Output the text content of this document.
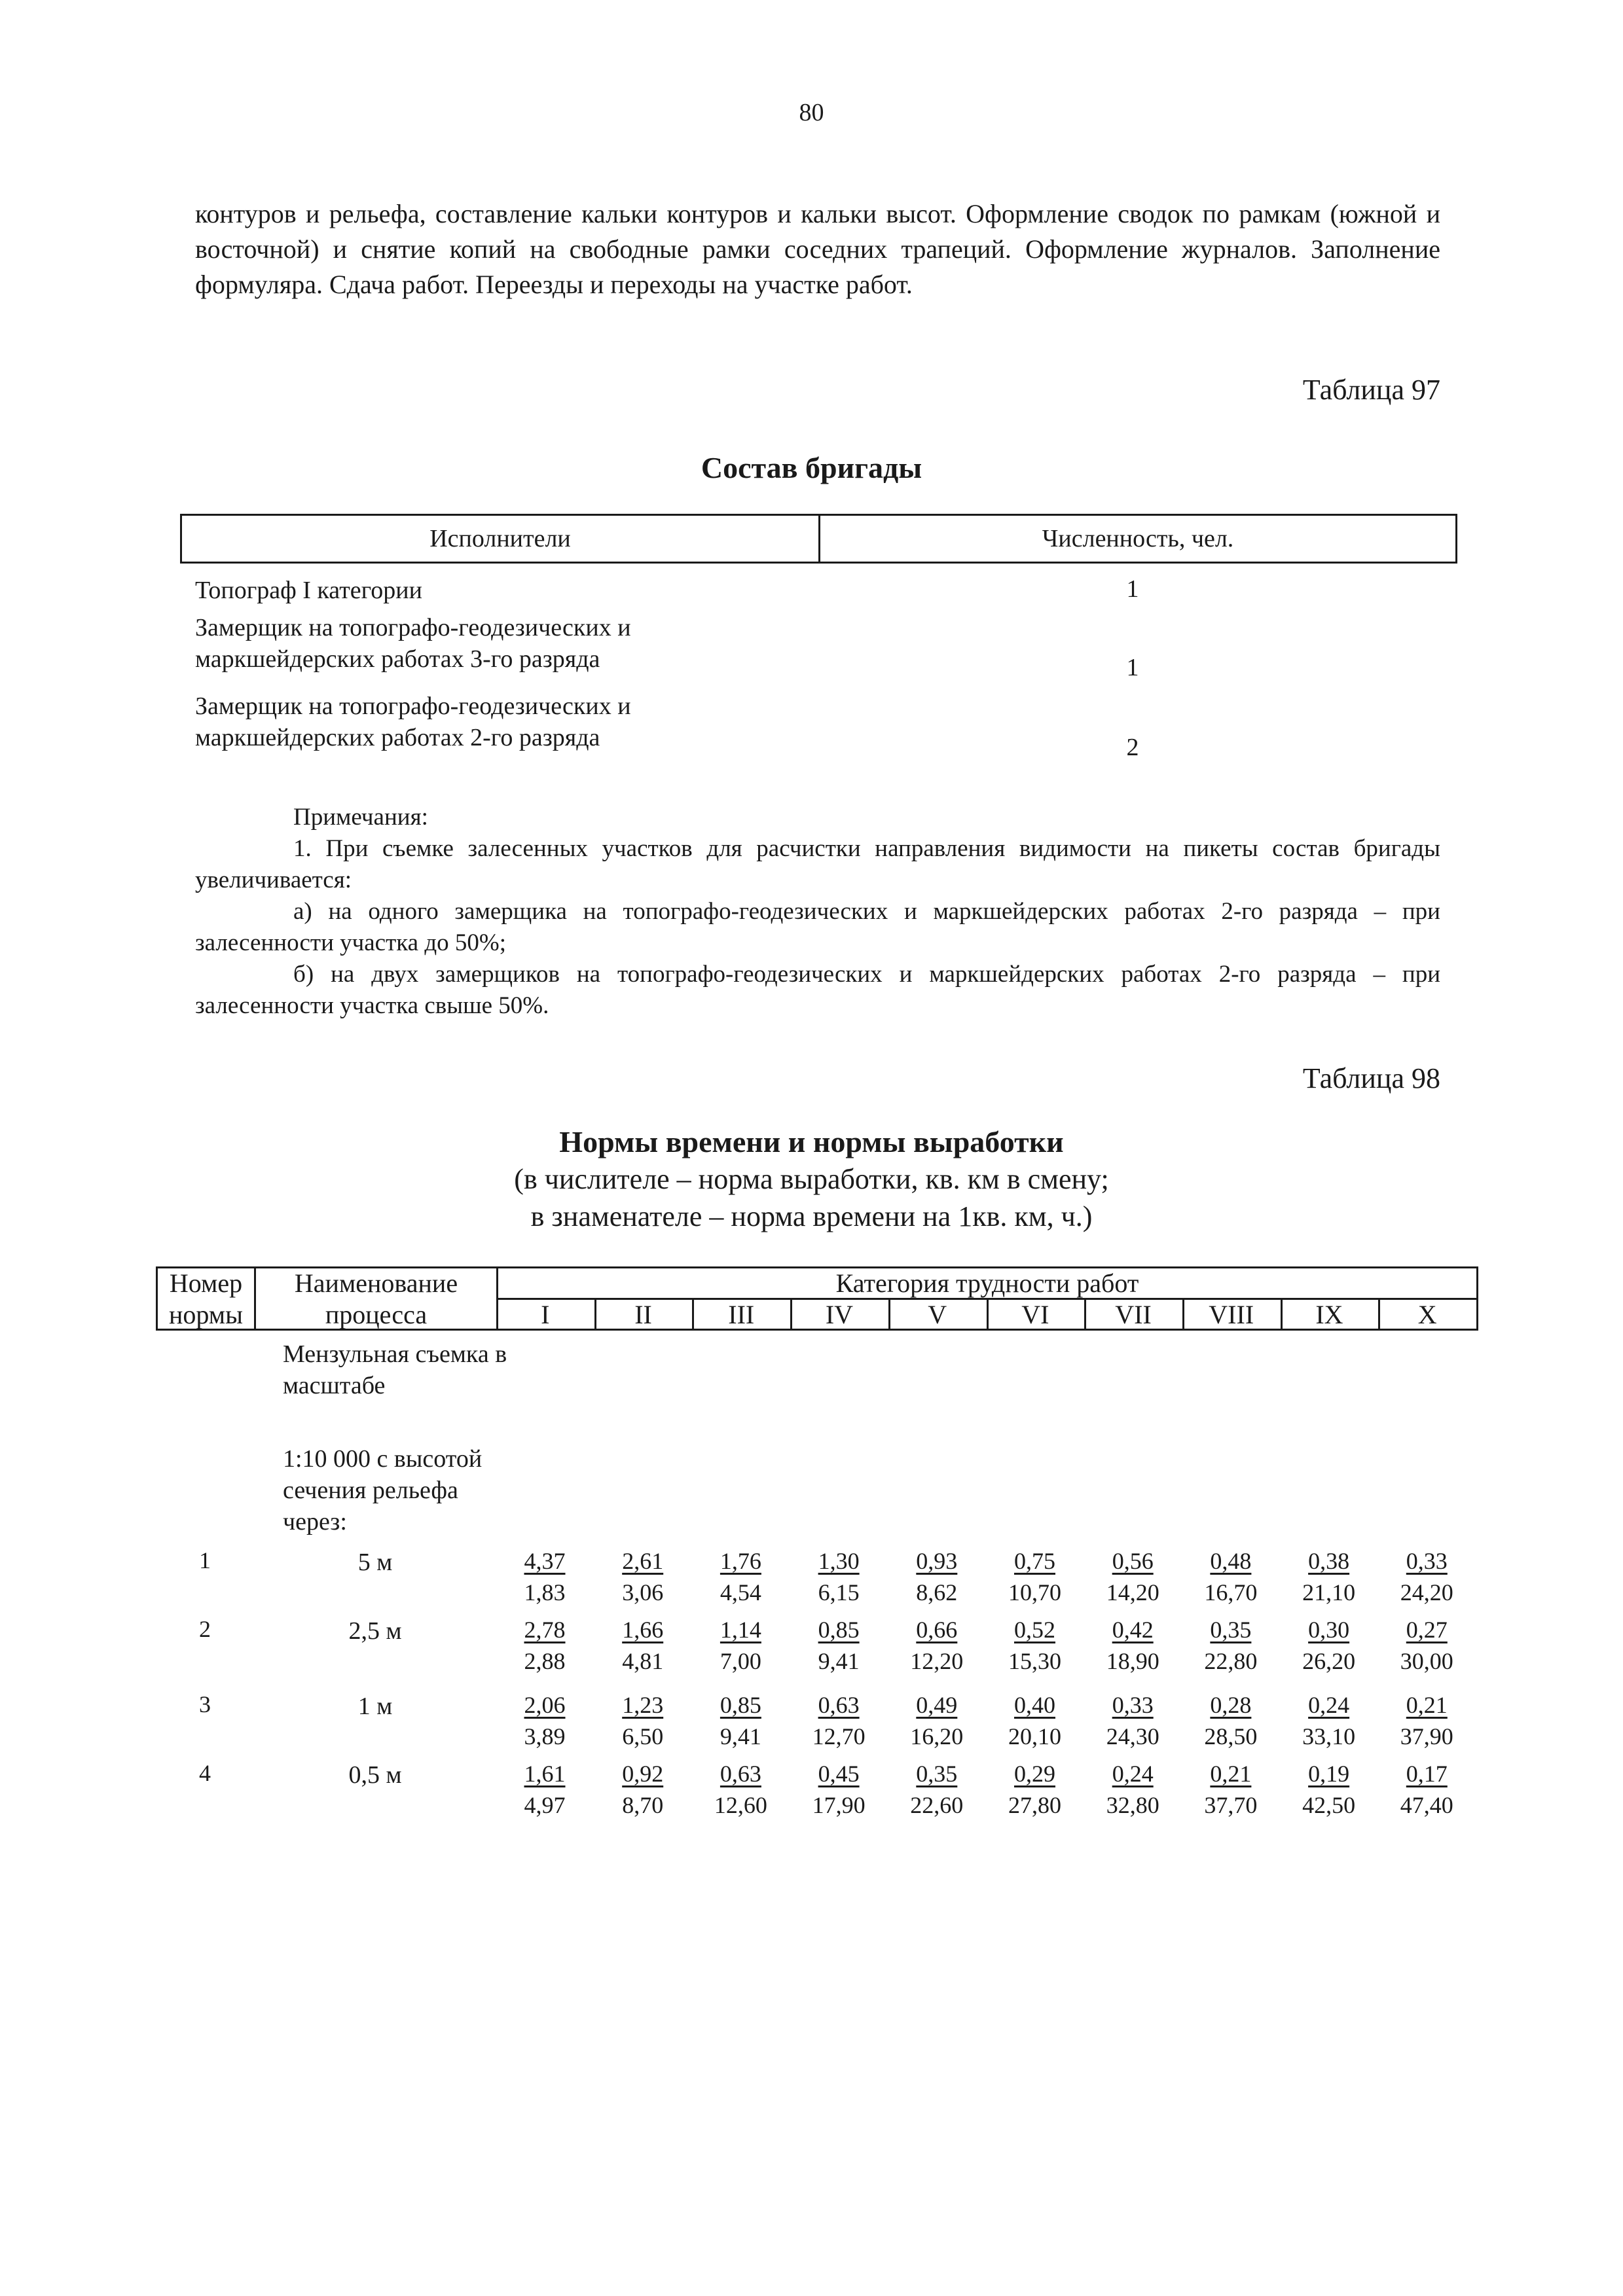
80
контуров и рельефа, составление кальки контуров и кальки высот. Оформление сводок по рамкам (южной и восточной) и снятие копий на свободные рамки соседних трапеций. Оформление журналов. Заполнение формуляра. Сдача работ. Переезды и переходы на участке работ.
Таблица 97
Состав бригады
Исполнители	Численность, чел.
Топограф I категории	1
Замерщик на топографо-геодезических и маркшейдерских работах 3-го разряда	1
Замерщик на топографо-геодезических и маркшейдерских работах 2-го разряда	2
Примечания:
1. При съемке залесенных участков для расчистки направления видимости на пикеты состав бригады увеличивается:
а) на одного замерщика на топографо-геодезических и маркшейдерских работах 2-го разряда – при залесенности участка до 50%;
б) на двух замерщиков на топографо-геодезических и маркшейдерских работах 2-го разряда – при залесенности участка свыше 50%.
Таблица 98
Нормы времени и нормы выработки
(в числителе – норма выработки, кв. км в смену;
в знаменателе – норма времени на 1кв. км, ч.)
Номер
нормы
Наименование
процесса
Категория трудности работ
I	II	III	IV	V	VI	VII	VIII	IX	X
Мензульная съемка в масштабе
1:10 000 с высотой сечения рельефа через:
1	5 м	$\frac{4,37}{1,83} \frac{2,61}{3,06} \frac{1,76}{4,54} \frac{1,30}{6,15} \frac{0,93}{8,62} \frac{0,75}{10,70} \frac{0,56}{14,20} \frac{0,48}{16,70} \frac{0,38}{21,10} \frac{0,33}{24,20}$
2	2,5 м	$\frac{2,78}{2,88} \frac{1,66}{4,81} \frac{1,14}{7,00} \frac{0,85}{9,41} \frac{0,66}{12,20} \frac{0,52}{15,30} \frac{0,42}{18,90} \frac{0,35}{22,80} \frac{0,30}{26,20} \frac{0,27}{30,00}$
3	1 м	$\frac{2,06}{3,89} \frac{1,23}{6,50} \frac{0,85}{9,41} \frac{0,63}{12,70} \frac{0,49}{16,20} \frac{0,40}{20,10} \frac{0,33}{24,30} \frac{0,28}{28,50} \frac{0,24}{33,10} \frac{0,21}{37,90}$
4	0,5 м	$\frac{1,61}{4,97} \frac{0,92}{8,70} \frac{0,63}{12,60} \frac{0,45}{17,90} \frac{0,35}{22,60} \frac{0,29}{27,80} \frac{0,24}{32,80} \frac{0,21}{37,70} \frac{0,19}{42,50} \frac{0,17}{47,40}$
